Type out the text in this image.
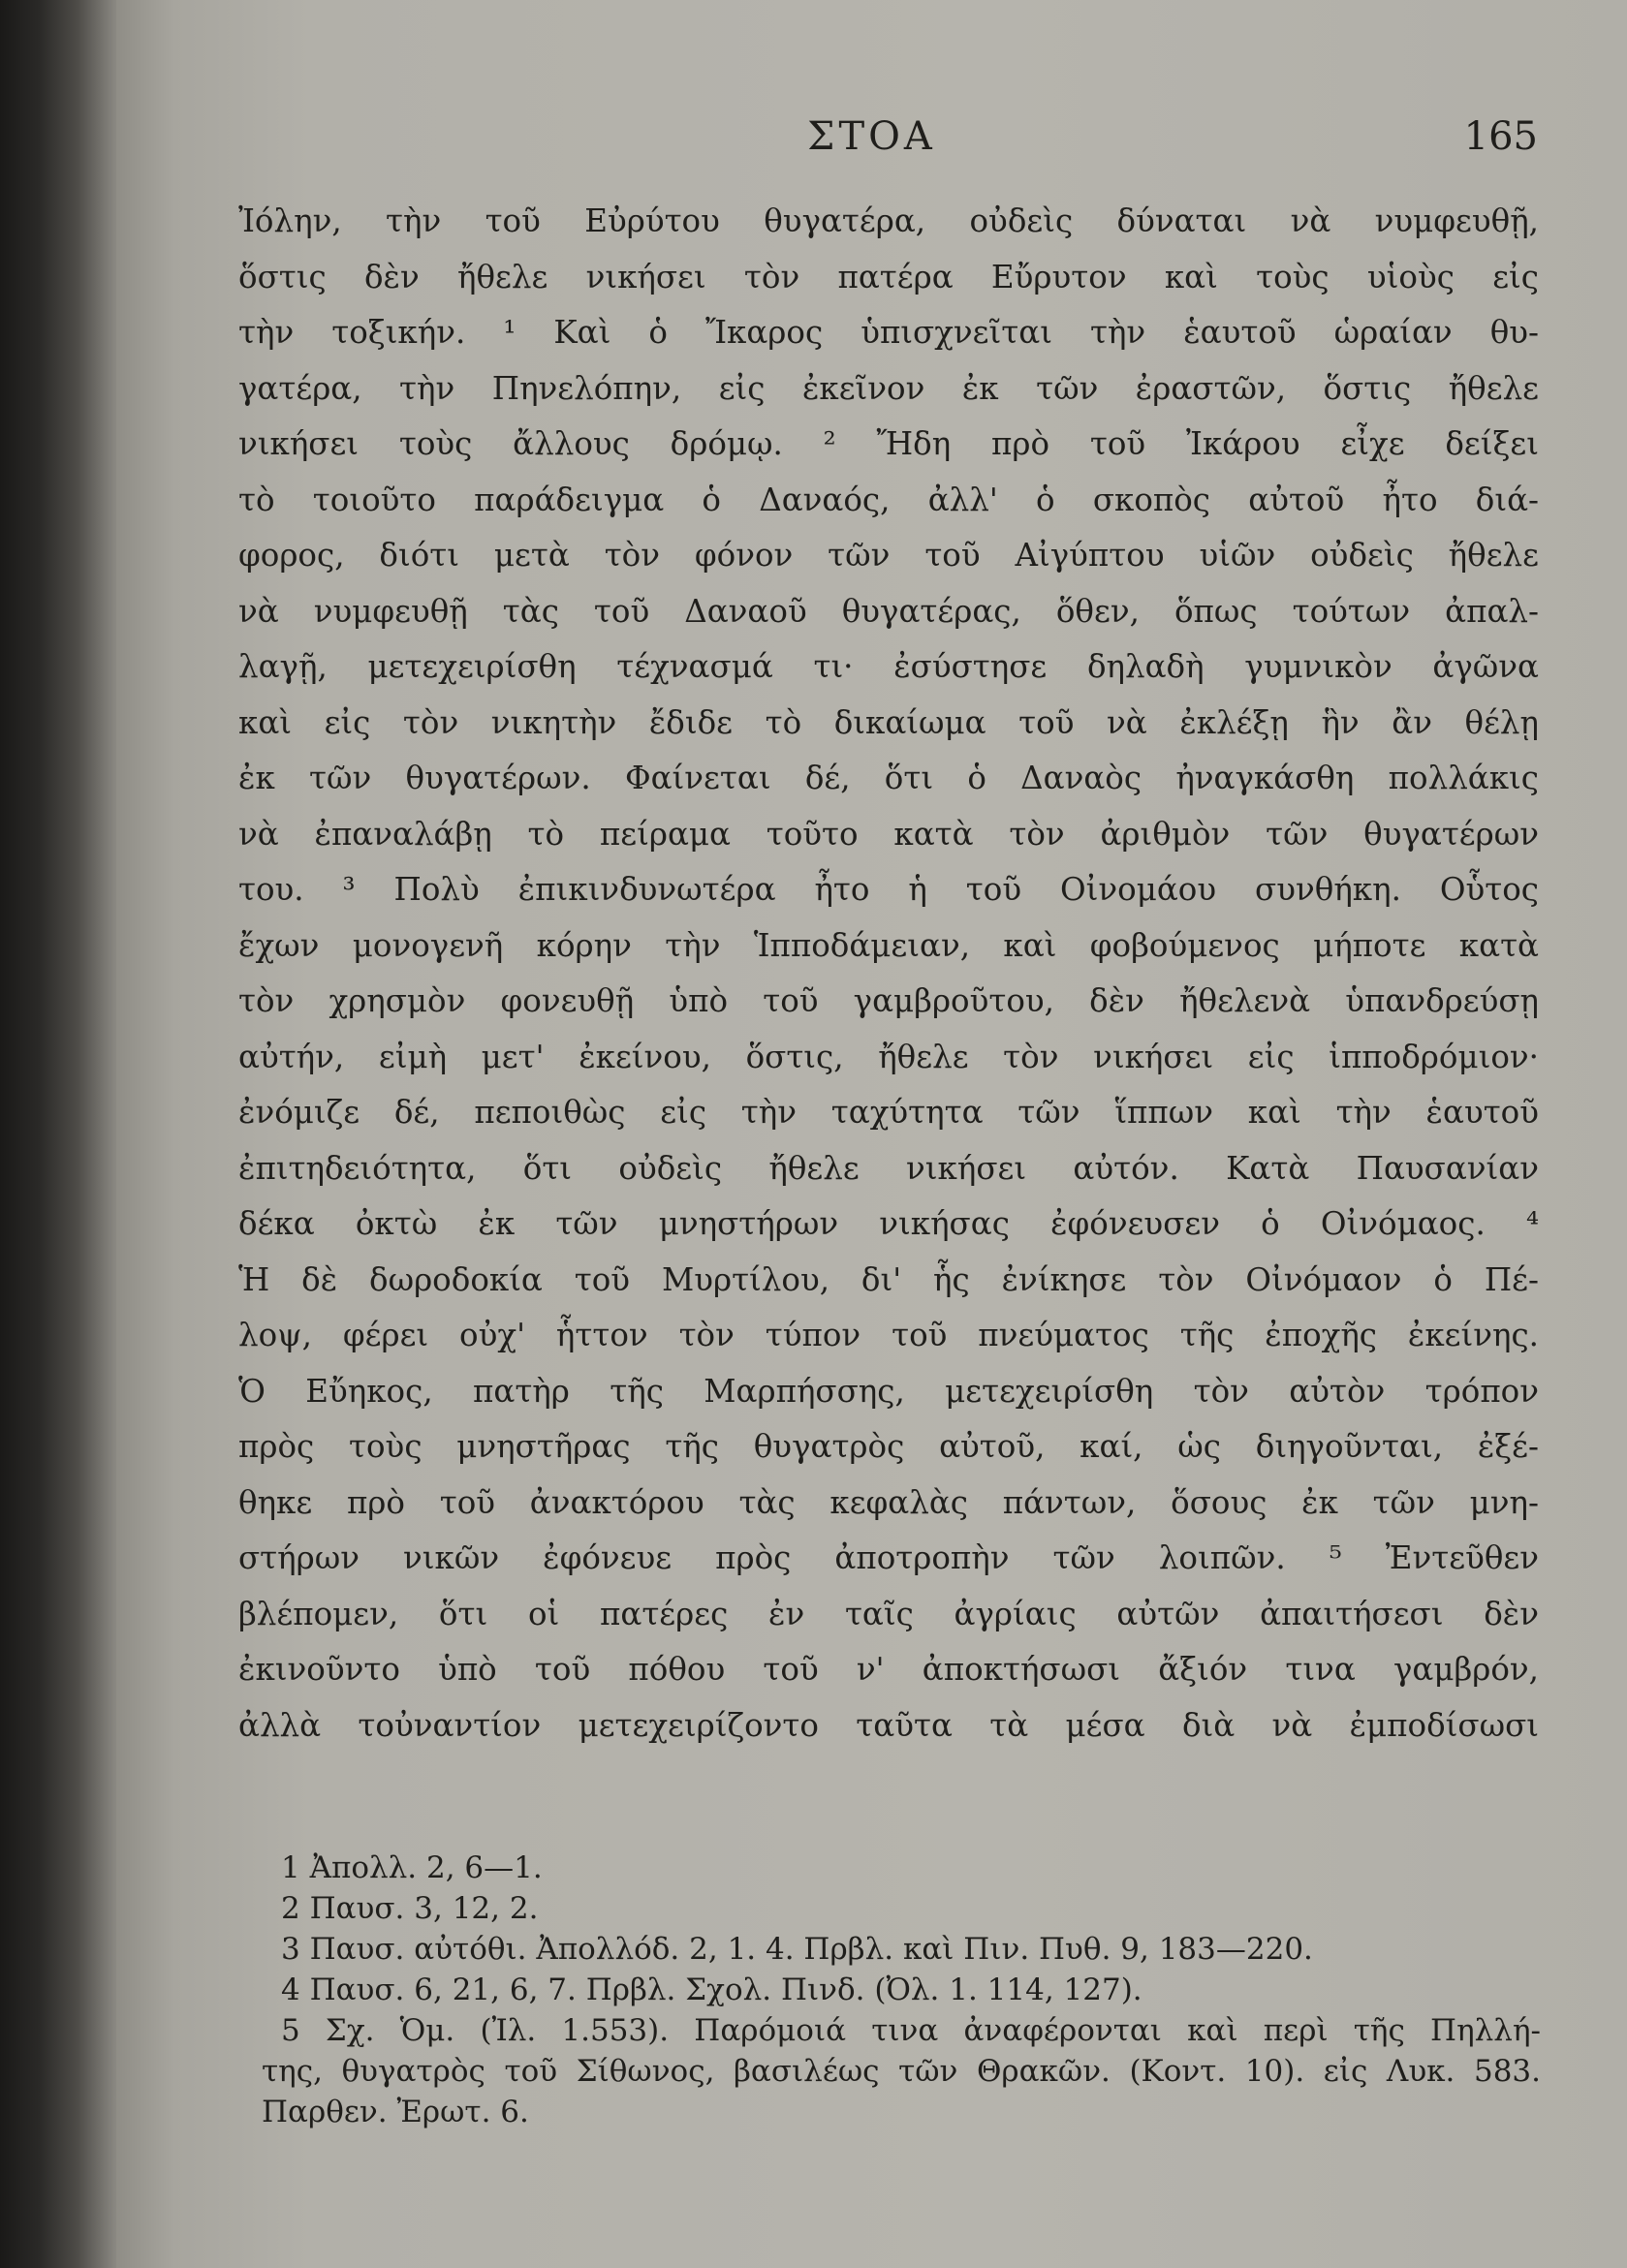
ΣΤΟΑ	165
Ἰόλην, τὴν τοῦ Εὐρύτου θυγατέρα, οὐδεὶς δύναται νὰ νυμφευθῇ,
ὅστις δὲν ἤθελε νικήσει τὸν πατέρα Εὔρυτον καὶ τοὺς υἱοὺς εἰς
τὴν τοξικήν. ¹ Καὶ ὁ Ἴκαρος ὑπισχνεῖται τὴν ἑαυτοῦ ὡραίαν θυ-
γατέρα, τὴν Πηνελόπην, εἰς ἐκεῖνον ἐκ τῶν ἐραστῶν, ὅστις ἤθελε
νικήσει τοὺς ἄλλους δρόμῳ. ² Ἤδη πρὸ τοῦ Ἰκάρου εἶχε δείξει
τὸ τοιοῦτο παράδειγμα ὁ Δαναός, ἀλλ' ὁ σκοπὸς αὐτοῦ ἦτο διά-
φορος, διότι μετὰ τὸν φόνον τῶν τοῦ Αἰγύπτου υἱῶν οὐδεὶς ἤθελε
νὰ νυμφευθῇ τὰς τοῦ Δαναοῦ θυγατέρας, ὅθεν, ὅπως τούτων ἀπαλ-
λαγῇ, μετεχειρίσθη τέχνασμά τι· ἐσύστησε δηλαδὴ γυμνικὸν ἀγῶνα
καὶ εἰς τὸν νικητὴν ἔδιδε τὸ δικαίωμα τοῦ νὰ ἐκλέξῃ ἣν ἂν θέλῃ
ἐκ τῶν θυγατέρων. Φαίνεται δέ, ὅτι ὁ Δαναὸς ἠναγκάσθη πολλάκις
νὰ ἐπαναλάβῃ τὸ πείραμα τοῦτο κατὰ τὸν ἀριθμὸν τῶν θυγατέρων
του. ³ Πολὺ ἐπικινδυνωτέρα ἦτο ἡ τοῦ Οἰνομάου συνθήκη. Οὗτος
ἔχων μονογενῆ κόρην τὴν Ἱπποδάμειαν, καὶ φοβούμενος μήποτε κατὰ
τὸν χρησμὸν φονευθῇ ὑπὸ τοῦ γαμβροῦτου, δὲν ἤθελενὰ ὑπανδρεύσῃ
αὐτήν, εἰμὴ μετ' ἐκείνου, ὅστις, ἤθελε τὸν νικήσει εἰς ἱπποδρόμιον·
ἐνόμιζε δέ, πεποιθὼς εἰς τὴν ταχύτητα τῶν ἵππων καὶ τὴν ἑαυτοῦ
ἐπιτηδειότητα, ὅτι οὐδεὶς ἤθελε νικήσει αὐτόν. Κατὰ Παυσανίαν
δέκα ὀκτὼ ἐκ τῶν μνηστήρων νικήσας ἐφόνευσεν ὁ Οἰνόμαος. ⁴
Ἡ δὲ δωροδοκία τοῦ Μυρτίλου, δι' ἧς ἐνίκησε τὸν Οἰνόμαον ὁ Πέ-
λοψ, φέρει οὐχ' ἧττον τὸν τύπον τοῦ πνεύματος τῆς ἐποχῆς ἐκείνης.
Ὁ Εὔηκος, πατὴρ τῆς Μαρπήσσης, μετεχειρίσθη τὸν αὐτὸν τρόπον
πρὸς τοὺς μνηστῆρας τῆς θυγατρὸς αὐτοῦ, καί, ὡς διηγοῦνται, ἐξέ-
θηκε πρὸ τοῦ ἀνακτόρου τὰς κεφαλὰς πάντων, ὅσους ἐκ τῶν μνη-
στήρων νικῶν ἐφόνευε πρὸς ἀποτροπὴν τῶν λοιπῶν. ⁵ Ἐντεῦθεν
βλέπομεν, ὅτι οἱ πατέρες ἐν ταῖς ἀγρίαις αὐτῶν ἀπαιτήσεσι δὲν
ἐκινοῦντο ὑπὸ τοῦ πόθου τοῦ ν' ἀποκτήσωσι ἄξιόν τινα γαμβρόν,
ἀλλὰ τοὐναντίον μετεχειρίζοντο ταῦτα τὰ μέσα διὰ νὰ ἐμποδίσωσι
1 Ἀπολλ. 2, 6—1.
2 Παυσ. 3, 12, 2.
3 Παυσ. αὐτόθι. Ἀπολλόδ. 2, 1. 4. Πρβλ. καὶ Πιν. Πυθ. 9, 183—220.
4 Παυσ. 6, 21, 6, 7. Πρβλ. Σχολ. Πινδ. (Ὀλ. 1. 114, 127).
5 Σχ. Ὁμ. (Ἰλ. 1.553). Παρόμοιά τινα ἀναφέρονται καὶ περὶ τῆς Πηλλή-
της, θυγατρὸς τοῦ Σίθωνος, βασιλέως τῶν Θρακῶν. (Κοντ. 10). εἰς Λυκ. 583.
Παρθεν. Ἐρωτ. 6.
